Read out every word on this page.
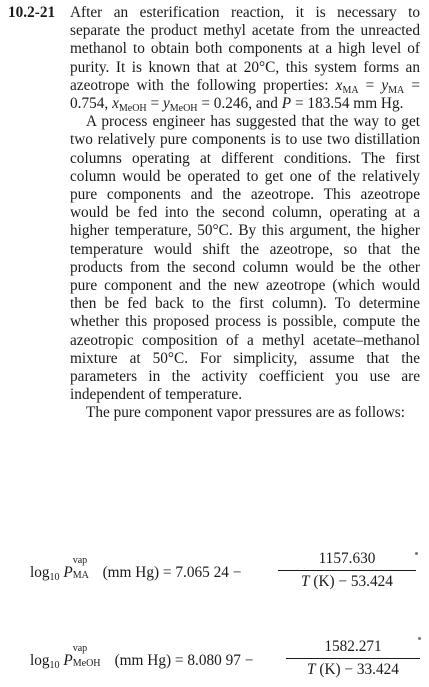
10.2-21 After an esterification reaction, it is necessary to separate the product methyl acetate from the unreacted methanol to obtain both components at a high level of purity. It is known that at 20°C, this system forms an azeotrope with the following properties: $x_{MA} = y_{MA} = 0.754$, $x_{MeOH} = y_{MeOH} = 0.246$, and P = 183.54 mm Hg.

A process engineer has suggested that the way to get two relatively pure components is to use two distillation columns operating at different conditions. The first column would be operated to get one of the relatively pure components and the azeotrope. This azeotrope would be fed into the second column, operating at a higher temperature, 50°C. By this argument, the higher temperature would shift the azeotrope, so that the products from the second column would be the other pure component and the new azeotrope (which would then be fed back to the first column). To determine whether this proposed process is possible, compute the azeotropic composition of a methyl acetate–methanol mixture at 50°C. For simplicity, assume that the parameters in the activity coefficient you use are independent of temperature.

The pure component vapor pressures are as follows:

$\log_{10} P$
vap
MA (mm Hg) = 7.065 24 −
1157.630
T (K) − 53.424
$\log_{10} P$
vap
MeOH (mm Hg) = 8.080 97 −
1582.271
T (K) − 33.424
